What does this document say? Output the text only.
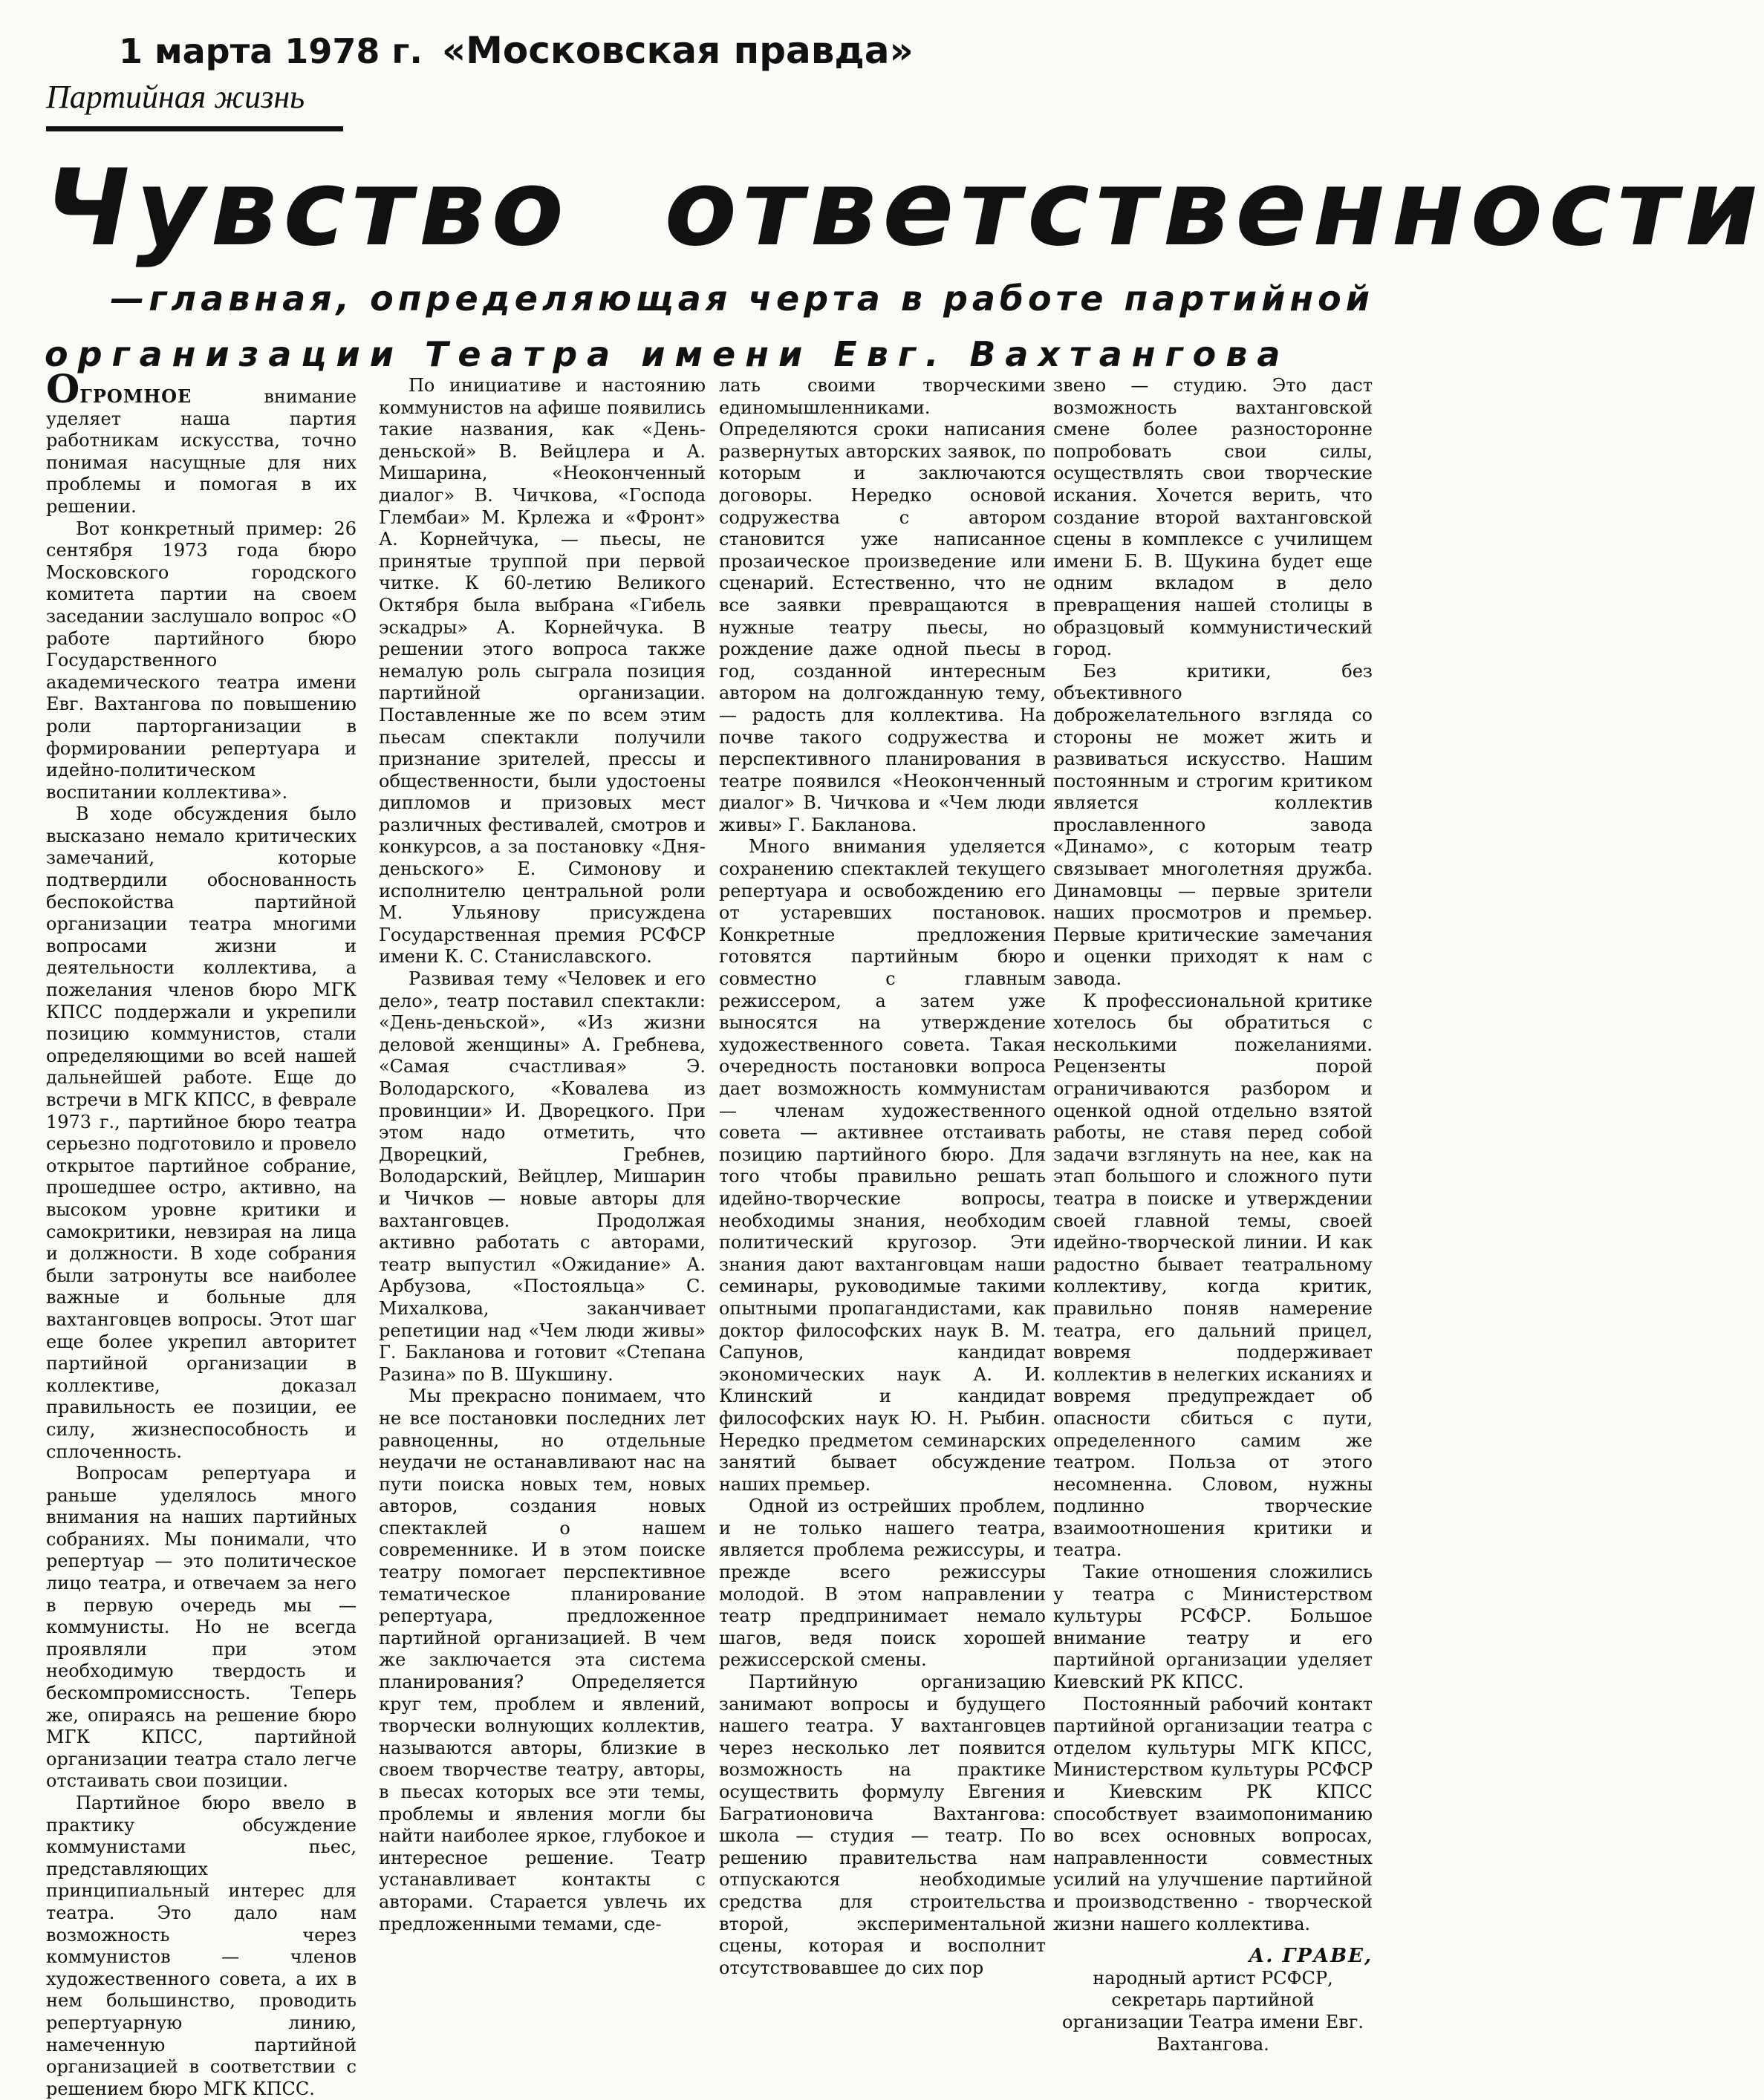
1 марта 1978 г. «Московская правда»
Партийная жизнь
Чувство ответственности
—главная, определяющая черта в работе партийной
организации Театра имени Евг. Вахтангова

ОГРОМНОЕ внимание уделяет наша партия работникам искусства, точно понимая насущные для них проблемы и помогая в их решении.

Вот конкретный пример: 26 сентября 1973 года бюро Московского городского комитета партии на своем заседании заслушало вопрос «О работе партийного бюро Государственного академического театра имени Евг. Вахтангова по повышению роли парторганизации в формировании репертуара и идейно-политическом воспитании коллектива».

В ходе обсуждения было высказано немало критических замечаний, которые подтвердили обоснованность беспокойства партийной организации театра многими вопросами жизни и деятельности коллектива, а пожелания членов бюро МГК КПСС поддержали и укрепили позицию коммунистов, стали определяющими во всей нашей дальнейшей работе. Еще до встречи в МГК КПСС, в феврале 1973 г., партийное бюро театра серьезно подготовило и провело открытое партийное собрание, прошедшее остро, активно, на высоком уровне критики и самокритики, невзирая на лица и должности. В ходе собрания были затронуты все наиболее важные и больные для вахтанговцев вопросы. Этот шаг еще более укрепил авторитет партийной организации в коллективе, доказал правильность ее позиции, ее силу, жизнеспособность и сплоченность.

Вопросам репертуара и раньше уделялось много внимания на наших партийных собраниях. Мы понимали, что репертуар — это политическое лицо театра, и отвечаем за него в первую очередь мы — коммунисты. Но не всегда проявляли при этом необходимую твердость и бескомпромиссность. Теперь же, опираясь на решение бюро МГК КПСС, партийной организации театра стало легче отстаивать свои позиции.

Партийное бюро ввело в практику обсуждение коммунистами пьес, представляющих принципиальный интерес для театра. Это дало нам возможность через коммунистов — членов художественного совета, а их в нем большинство, проводить репертуарную линию, намеченную партийной организацией в соответствии с решением бюро МГК КПСС.

По инициативе и настоянию коммунистов на афише появились такие названия, как «День-деньской» В. Вейцлера и А. Мишарина, «Неоконченный диалог» В. Чичкова, «Господа Глембаи» М. Крлежа и «Фронт» А. Корнейчука, — пьесы, не принятые труппой при первой читке. К 60-летию Великого Октября была выбрана «Гибель эскадры» А. Корнейчука. В решении этого вопроса также немалую роль сыграла позиция партийной организации. Поставленные же по всем этим пьесам спектакли получили признание зрителей, прессы и общественности, были удостоены дипломов и призовых мест различных фестивалей, смотров и конкурсов, а за постановку «Дня-деньского» Е. Симонову и исполнителю центральной роли М. Ульянову присуждена Государственная премия РСФСР имени К. С. Станиславского.

Развивая тему «Человек и его дело», театр поставил спектакли: «День-деньской», «Из жизни деловой женщины» А. Гребнева, «Самая счастливая» Э. Володарского, «Ковалева из провинции» И. Дворецкого. При этом надо отметить, что Дворецкий, Гребнев, Володарский, Вейцлер, Мишарин и Чичков — новые авторы для вахтанговцев. Продолжая активно работать с авторами, театр выпустил «Ожидание» А. Арбузова, «Постояльца» С. Михалкова, заканчивает репетиции над «Чем люди живы» Г. Бакланова и готовит «Степана Разина» по В. Шукшину.

Мы прекрасно понимаем, что не все постановки последних лет равноценны, но отдельные неудачи не останавливают нас на пути поиска новых тем, новых авторов, создания новых спектаклей о нашем современнике. И в этом поиске театру помогает перспективное тематическое планирование репертуара, предложенное партийной организацией. В чем же заключается эта система планирования? Определяется круг тем, проблем и явлений, творчески волнующих коллектив, называются авторы, близкие в своем творчестве театру, авторы, в пьесах которых все эти темы, проблемы и явления могли бы найти наиболее яркое, глубокое и интересное решение. Театр устанавливает контакты с авторами. Старается увлечь их предложенными темами, сде-

лать своими творческими единомышленниками. Определяются сроки написания развернутых авторских заявок, по которым и заключаются договоры. Нередко основой содружества с автором становится уже написанное прозаическое произведение или сценарий. Естественно, что не все заявки превращаются в нужные театру пьесы, но рождение даже одной пьесы в год, созданной интересным автором на долгожданную тему, — радость для коллектива. На почве такого содружества и перспективного планирования в театре появился «Неоконченный диалог» В. Чичкова и «Чем люди живы» Г. Бакланова.

Много внимания уделяется сохранению спектаклей текущего репертуара и освобождению его от устаревших постановок. Конкретные предложения готовятся партийным бюро совместно с главным режиссером, а затем уже выносятся на утверждение художественного совета. Такая очередность постановки вопроса дает возможность коммунистам — членам художественного совета — активнее отстаивать позицию партийного бюро. Для того чтобы правильно решать идейно-творческие вопросы, необходимы знания, необходим политический кругозор. Эти знания дают вахтанговцам наши семинары, руководимые такими опытными пропагандистами, как доктор философских наук В. М. Сапунов, кандидат экономических наук А. И. Клинский и кандидат философских наук Ю. Н. Рыбин. Нередко предметом семинарских занятий бывает обсуждение наших премьер.

Одной из острейших проблем, и не только нашего театра, является проблема режиссуры, и прежде всего режиссуры молодой. В этом направлении театр предпринимает немало шагов, ведя поиск хорошей режиссерской смены.

Партийную организацию занимают вопросы и будущего нашего театра. У вахтанговцев через несколько лет появится возможность на практике осуществить формулу Евгения Багратионовича Вахтангова: школа — студия — театр. По решению правительства нам отпускаются необходимые средства для строительства второй, экспериментальной сцены, которая и восполнит отсутствовавшее до сих пор

звено — студию. Это даст возможность вахтанговской смене более разносторонне попробовать свои силы, осуществлять свои творческие искания. Хочется верить, что создание второй вахтанговской сцены в комплексе с училищем имени Б. В. Щукина будет еще одним вкладом в дело превращения нашей столицы в образцовый коммунистический город.

Без критики, без объективного доброжелательного взгляда со стороны не может жить и развиваться искусство. Нашим постоянным и строгим критиком является коллектив прославленного завода «Динамо», с которым театр связывает многолетняя дружба. Динамовцы — первые зрители наших просмотров и премьер. Первые критические замечания и оценки приходят к нам с завода.

К профессиональной критике хотелось бы обратиться с несколькими пожеланиями. Рецензенты порой ограничиваются разбором и оценкой одной отдельно взятой работы, не ставя перед собой задачи взглянуть на нее, как на этап большого и сложного пути театра в поиске и утверждении своей главной темы, своей идейно-творческой линии. И как радостно бывает театральному коллективу, когда критик, правильно поняв намерение театра, его дальний прицел, вовремя поддерживает коллектив в нелегких исканиях и вовремя предупреждает об опасности сбиться с пути, определенного самим же театром. Польза от этого несомненна. Словом, нужны подлинно творческие взаимоотношения критики и театра.

Такие отношения сложились у театра с Министерством культуры РСФСР. Большое внимание театру и его партийной организации уделяет Киевский РК КПСС.

Постоянный рабочий контакт партийной организации театра с отделом культуры МГК КПСС, Министерством культуры РСФСР и Киевским РК КПСС способствует взаимопониманию во всех основных вопросах, направленности совместных усилий на улучшение партийной и производственно - творческой жизни нашего коллектива.

А. ГРАВЕ,
народный артист РСФСР, секретарь партийной организации Театра имени Евг. Вахтангова.
